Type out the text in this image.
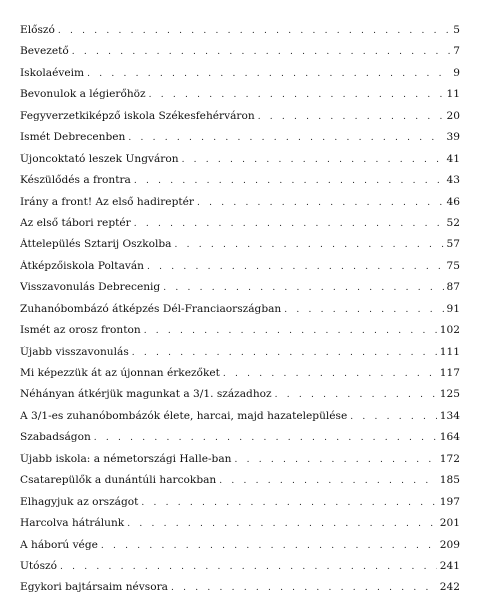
Előszó . . .	5
Bevezető . . .	7
Iskolaéveim . . .	9
Bevonulok a légierőhöz . . .	11
Fegyverzetkiképző iskola Székesfehérváron . . .	20
Ismét Debrecenben . . .	39
Újoncoktató leszek Ungváron . . .	41
Készülődés a frontra . . .	43
Irány a front! Az első hadireptér . . .	46
Az első tábori reptér . . .	52
Áttelepülés Sztarij Oszkolba . . .	57
Átképzőiskola Poltaván . . .	75
Visszavonulás Debrecenig . . .	87
Zuhanóbombázó átképzés Dél-Franciaországban . . .	91
Ismét az orosz fronton . . .	102
Újabb visszavonulás . . .	111
Mi képezzük át az újonnan érkezőket . . .	117
Néhányan átkérjük magunkat a 3/1. századhoz . . .	125
A 3/1-es zuhanóbombázók élete, harcai, majd hazatelepülése . . .	134
Szabadságon . . .	164
Újabb iskola: a németországi Halle-ban . . .	172
Csatarepülők a dunántúli harcokban . . .	185
Elhagyjuk az országot . . .	197
Harcolva hátrálunk . . .	201
A háború vége . . .	209
Utószó . . .	241
Egykori bajtársaim névsora . . .	242
